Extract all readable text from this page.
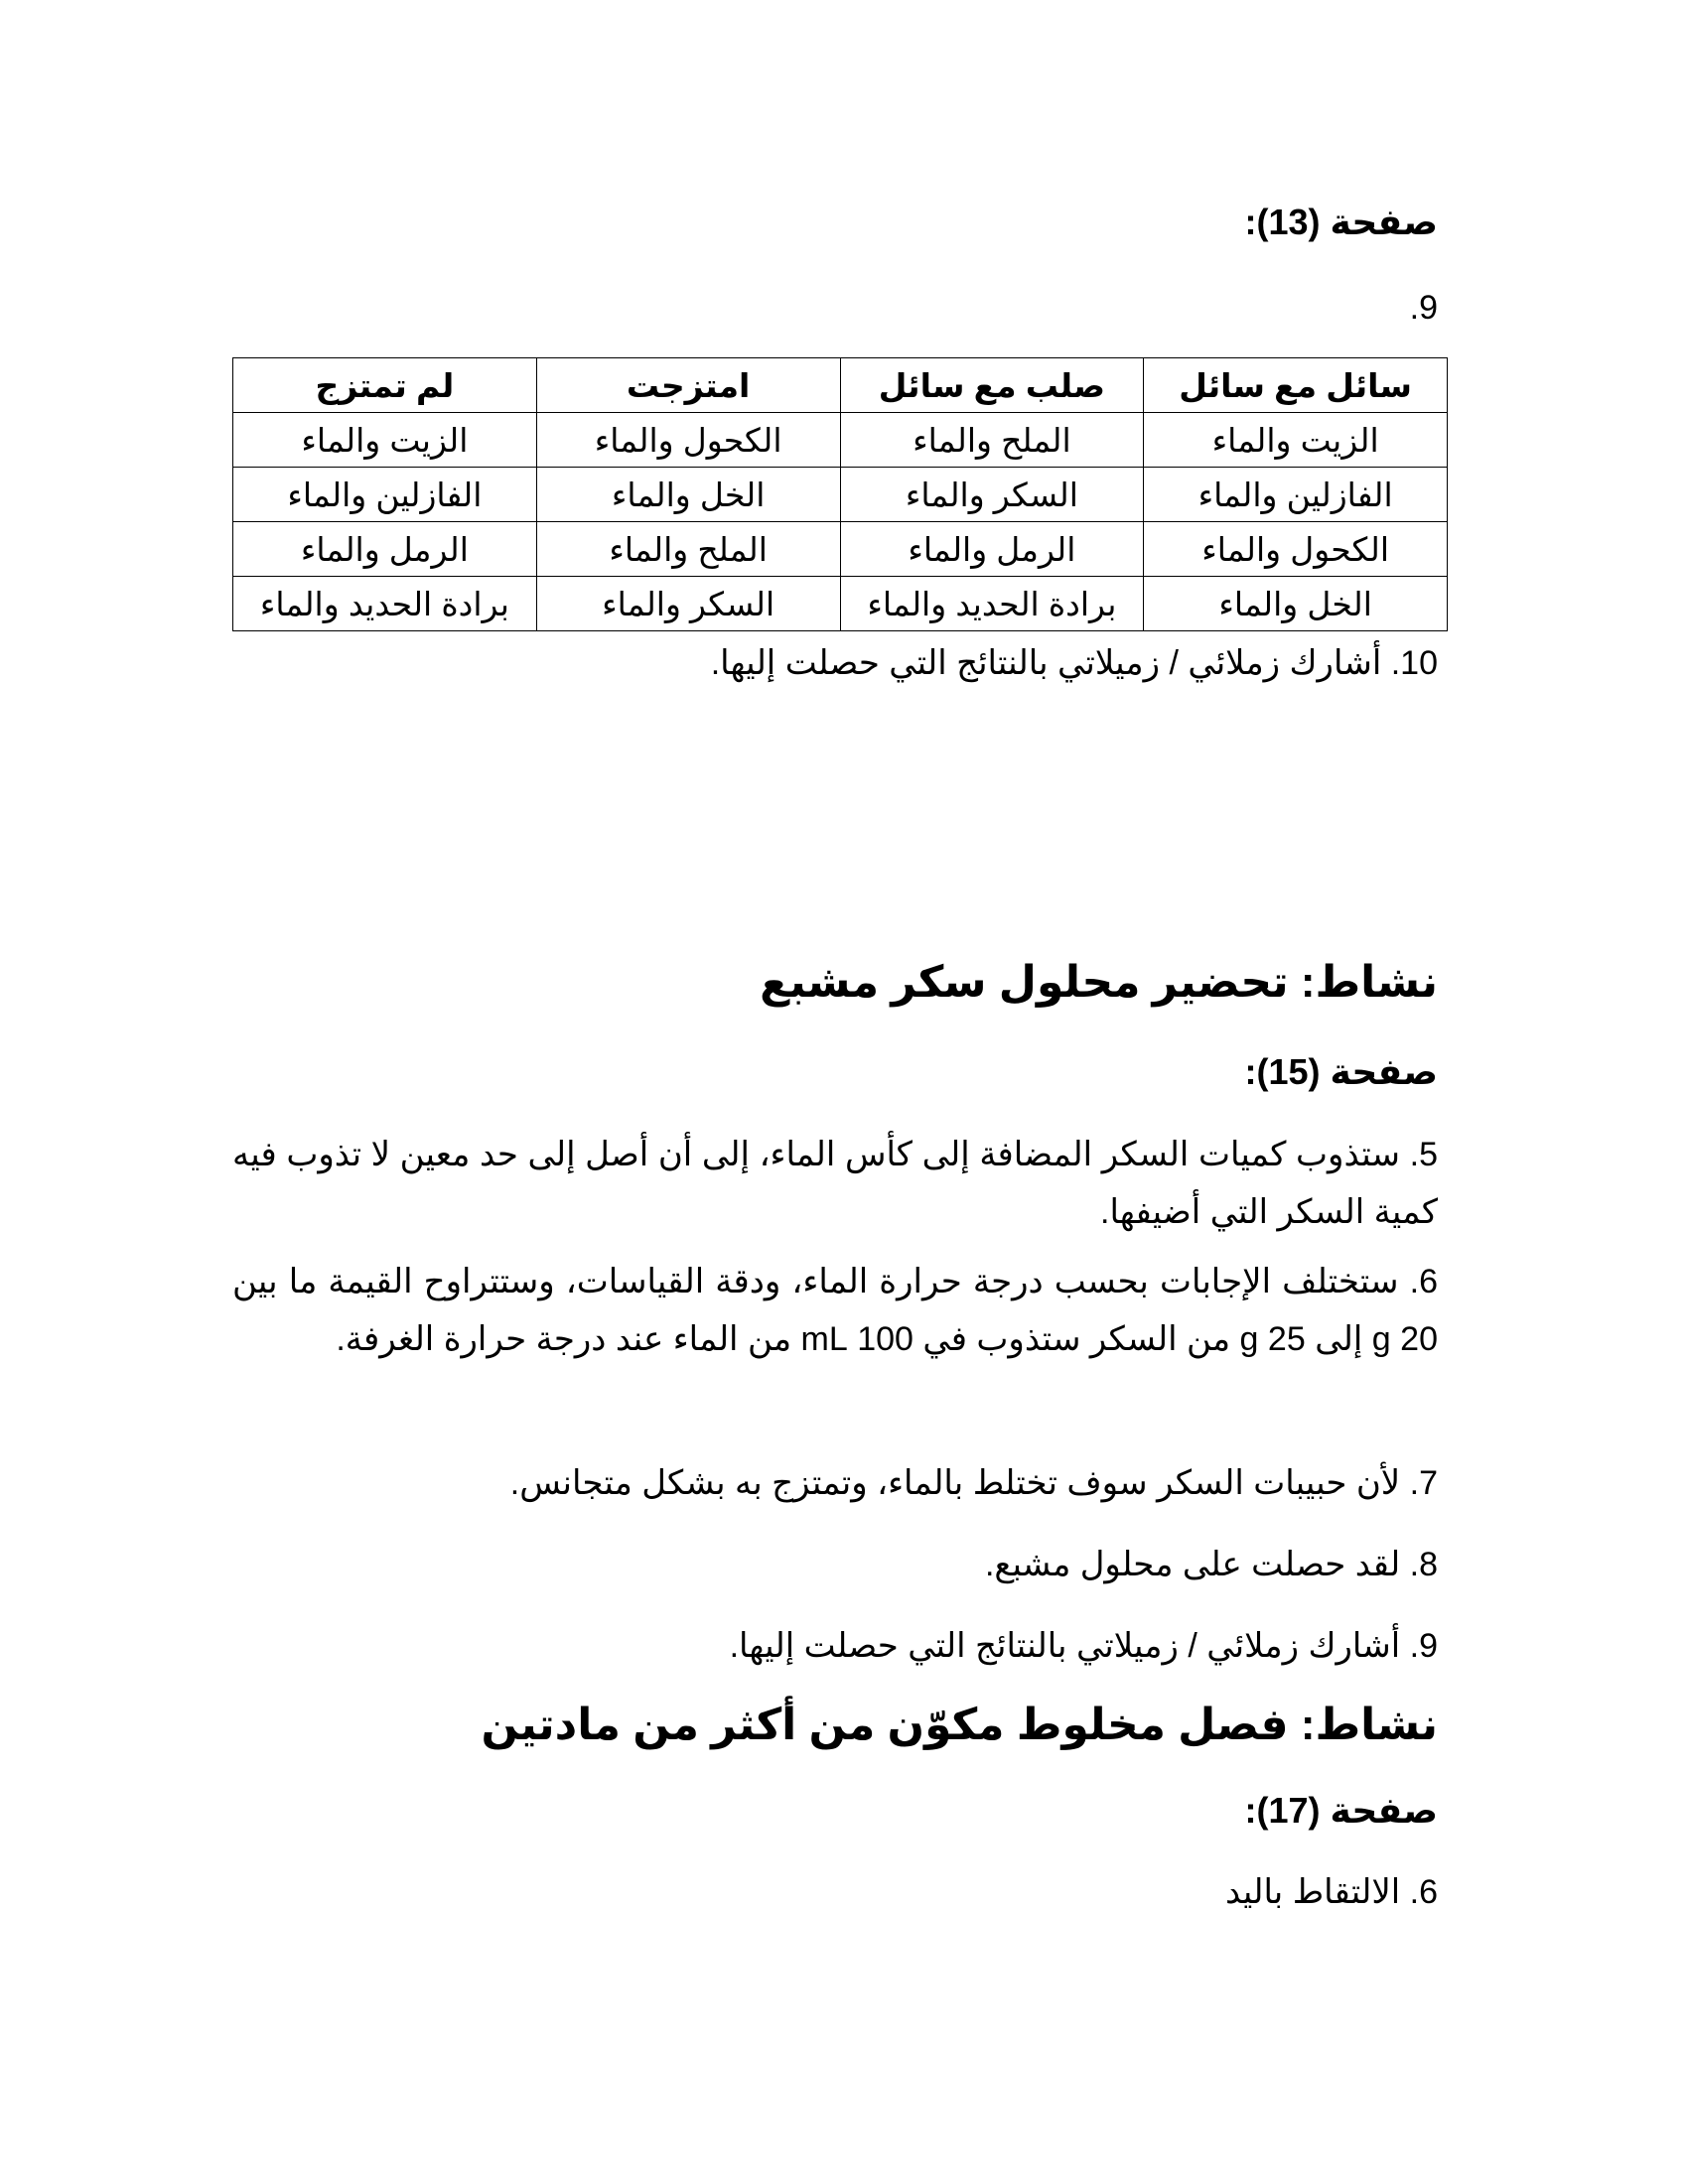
صفحة (13):

9.

سائل مع سائل	صلب مع سائل	امتزجت	لم تمتزج
الزيت والماء	الملح والماء	الكحول والماء	الزيت والماء
الفازلين والماء	السكر والماء	الخل والماء	الفازلين والماء
الكحول والماء	الرمل والماء	الملح والماء	الرمل والماء
الخل والماء	برادة الحديد والماء	السكر والماء	برادة الحديد والماء

10. أشارك زملائي / زميلاتي بالنتائج التي حصلت إليها.

نشاط: تحضير محلول سكر مشبع
صفحة (15):

5. ستذوب كميات السكر المضافة إلى كأس الماء، إلى أن أصل إلى حد معين لا تذوب فيه كمية السكر التي أضيفها.

6. ستختلف الإجابات بحسب درجة حرارة الماء، ودقة القياسات، وستتراوح القيمة ما بين 20 g إلى 25 g من السكر ستذوب في 100 mL من الماء عند درجة حرارة الغرفة.

7. لأن حبيبات السكر سوف تختلط بالماء، وتمتزج به بشكل متجانس.

8. لقد حصلت على محلول مشبع.

9. أشارك زملائي / زميلاتي بالنتائج التي حصلت إليها.

نشاط: فصل مخلوط مكوّن من أكثر من مادتين
صفحة (17):

6. الالتقاط باليد
